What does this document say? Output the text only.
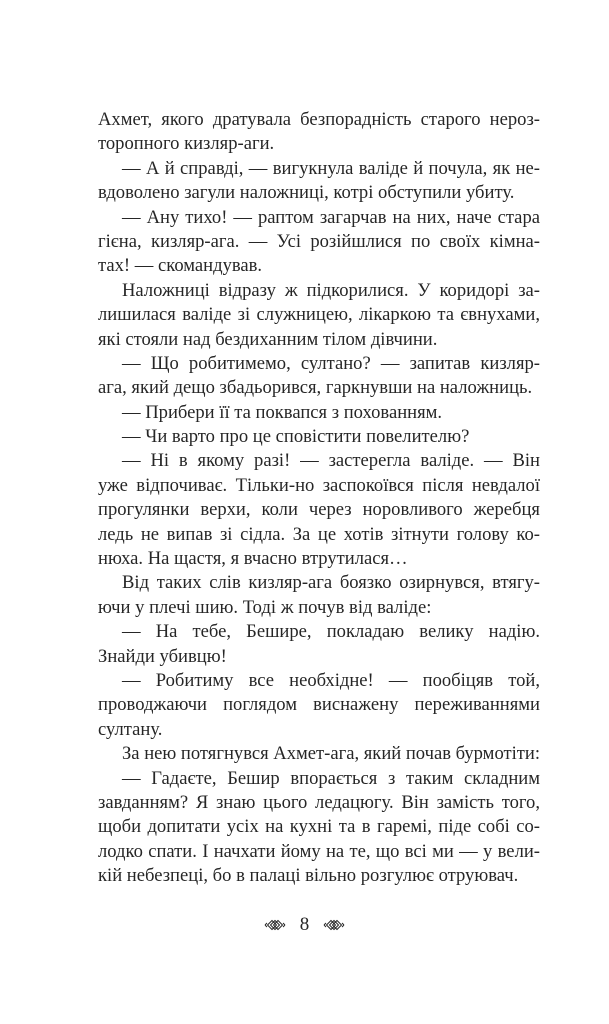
Ахмет, якого дратувала безпорадність старого нероз-
торопного кизляр-аги.
— А й справді, — вигукнула валіде й почула, як не-
вдоволено загули наложниці, котрі обступили убиту.
— Ану тихо! — раптом загарчав на них, наче стара
гієна, кизляр-ага. — Усі розійшлися по своїх кімна-
тах! — скомандував.
Наложниці відразу ж підкорилися. У коридорі за-
лишилася валіде зі служницею, лікаркою та євнухами,
які стояли над бездиханним тілом дівчини.
— Що робитимемо, султано? — запитав кизляр-
ага, який дещо збадьорився, гаркнувши на наложниць.
— Прибери її та поквапся з похованням.
— Чи варто про це сповістити повелителю?
— Ні в якому разі! — застерегла валіде. — Він
уже відпочиває. Тільки-но заспокоївся після невдалої
прогулянки верхи, коли через норовливого жеребця
ледь не випав зі сідла. За це хотів зітнути голову ко-
нюха. На щастя, я вчасно втрутилася…
Від таких слів кизляр-ага боязко озирнувся, втягу-
ючи у плечі шию. Тоді ж почув від валіде:
— На тебе, Бешире, покладаю велику надію.
Знайди убивцю!
— Робитиму все необхідне! — пообіцяв той,
проводжаючи поглядом виснажену переживаннями
султану.
За нею потягнувся Ахмет-ага, який почав бурмотіти:
— Гадаєте, Бешир впорається з таким складним
завданням? Я знаю цього ледацюгу. Він замість того,
щоби допитати усіх на кухні та в гаремі, піде собі со-
лодко спати. І начхати йому на те, що всі ми — у вели-
кій небезпеці, бо в палаці вільно розгулює отруювач.
8
